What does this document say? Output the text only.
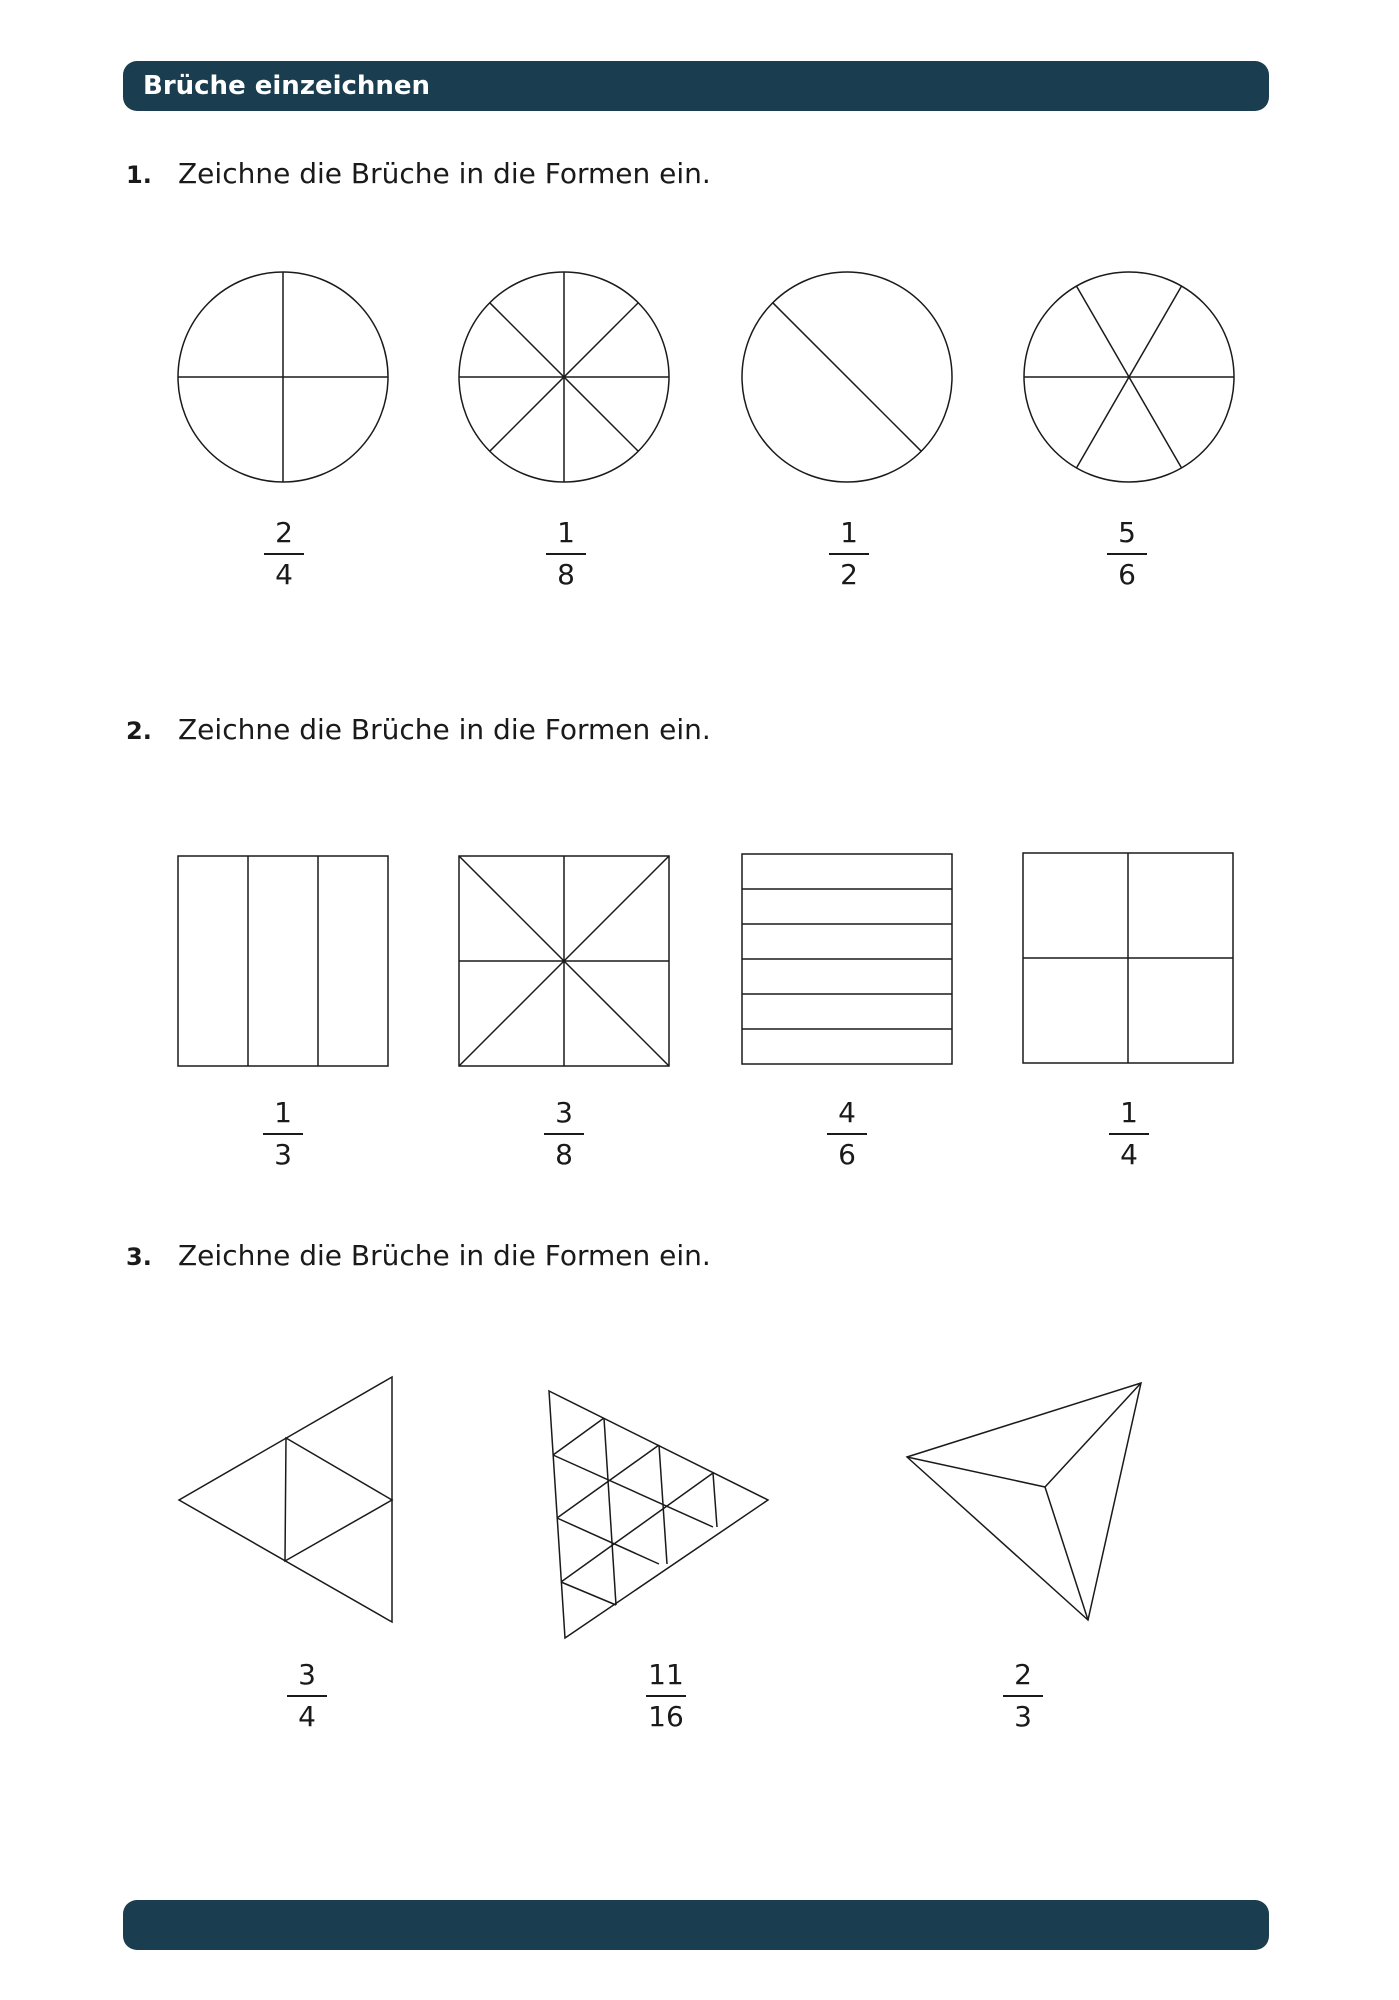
Brüche einzeichnen
1. Zeichne die Brüche in die Formen ein.
2
4
1
8
1
2
5
6
2. Zeichne die Brüche in die Formen ein.
1
3
3
8
4
6
1
4
3. Zeichne die Brüche in die Formen ein.
3
4
11
16
2
3
